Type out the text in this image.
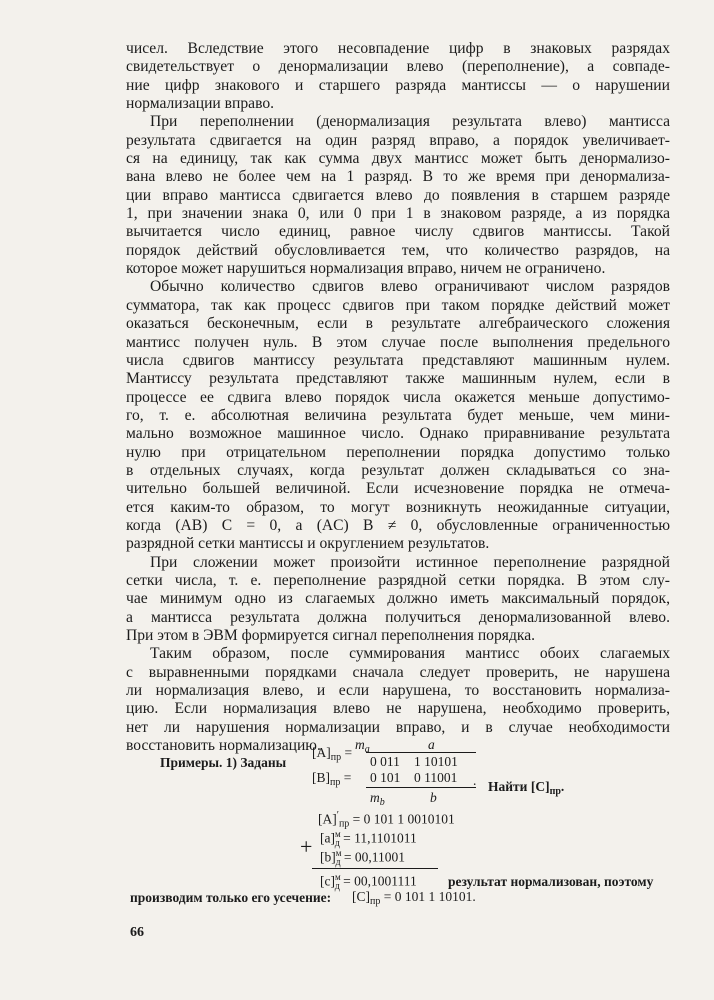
чисел. Вследствие этого несовпадение цифр в знаковых разрядах
свидетельствует о денормализации влево (переполнение), а совпаде-
ние цифр знакового и старшего разряда мантиссы — о нарушении
нормализации вправо.

При переполнении (денормализация результата влево) мантисса
результата сдвигается на один разряд вправо, а порядок увеличивает-
ся на единицу, так как сумма двух мантисс может быть денормализо-
вана влево не более чем на 1 разряд. В то же время при денормализа-
ции вправо мантисса сдвигается влево до появления в старшем разряде
1, при значении знака 0, или 0 при 1 в знаковом разряде, а из порядка
вычитается число единиц, равное числу сдвигов мантиссы. Такой
порядок действий обусловливается тем, что количество разрядов, на
которое может нарушиться нормализация вправо, ничем не ограничено.

Обычно количество сдвигов влево ограничивают числом разрядов
сумматора, так как процесс сдвигов при таком порядке действий может
оказаться бесконечным, если в результате алгебраического сложения
мантисс получен нуль. В этом случае после выполнения предельного
числа сдвигов мантиссу результата представляют машинным нулем.
Мантиссу результата представляют также машинным нулем, если в
процессе ее сдвига влево порядок числа окажется меньше допустимо-
го, т. е. абсолютная величина результата будет меньше, чем мини-
мально возможное машинное число. Однако приравнивание результата
нулю при отрицательном переполнении порядка допустимо только
в отдельных случаях, когда результат должен складываться со зна-
чительно большей величиной. Если исчезновение порядка не отмеча-
ется каким-то образом, то могут возникнуть неожиданные ситуации,
когда (AB) C = 0, а (AC) B ≠ 0, обусловленные ограниченностью
разрядной сетки мантиссы и округлением результатов.

При сложении может произойти истинное переполнение разрядной
сетки числа, т. е. переполнение разрядной сетки порядка. В этом слу-
чае минимум одно из слагаемых должно иметь максимальный порядок,
а мантисса результата должна получиться денормализованной влево.
При этом в ЭВМ формируется сигнал переполнения порядка.

Таким образом, после суммирования мантисс обоих слагаемых
с выравненными порядками сначала следует проверить, не нарушена
ли нормализация влево, и если нарушена, то восстановить нормализа-
цию. Если нормализация влево не нарушена, необходимо проверить,
нет ли нарушения нормализации вправо, и в случае необходимости
восстановить нормализацию.

Примеры. 1) Заданы
$m_a$	a
$[A]_{пр}$ =
0 011 1 10101
$[B]_{пр} = 0$ 101 0 11001 . Найти $[C]_{пр}$.
$m_b$	b
$[A]'_{пр} = 0$ 101 1 0010101
$[a]^м_д = 11,1101011$
+ $[b]^м_д = 00,11001$
$[c]^м_д = 00,1001111$ результат нормализован, поэтому
производим только его усечение: $[C]_{пр} = 0$ 101 1 10101.
66
